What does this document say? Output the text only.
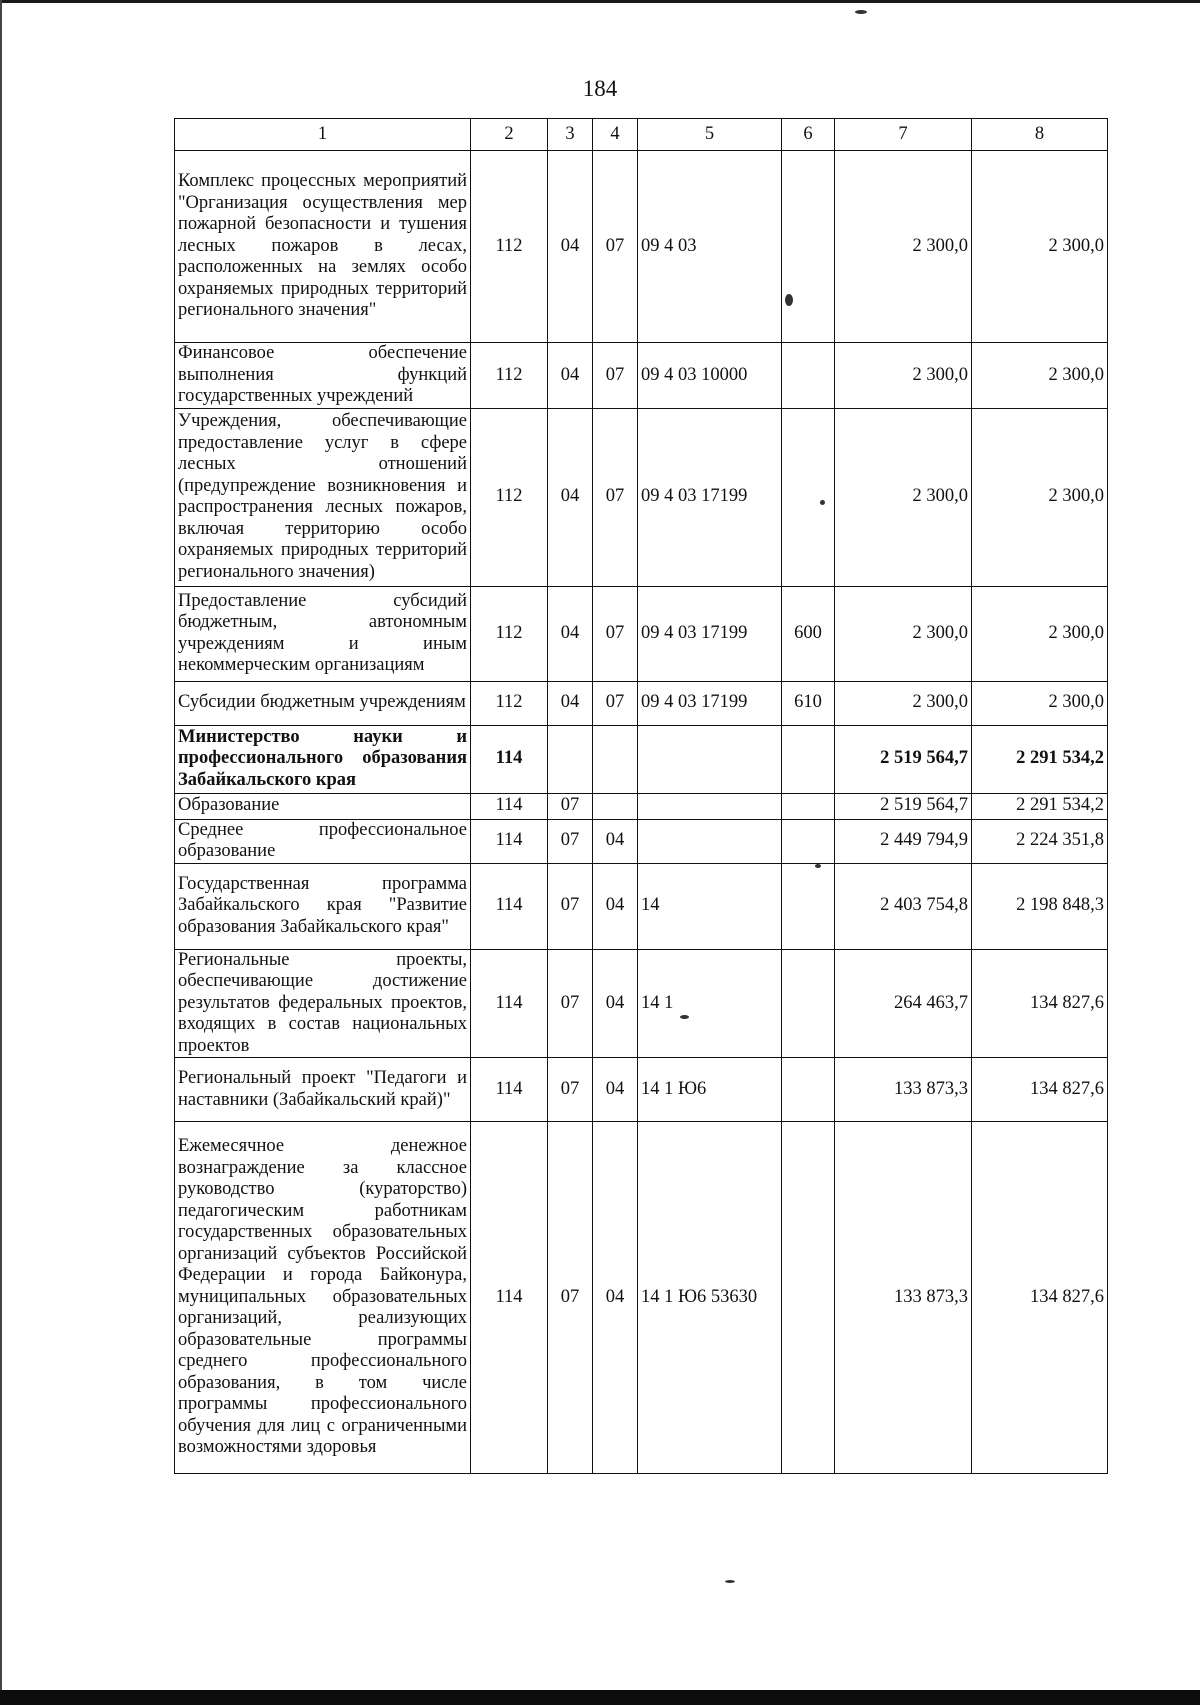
184
1	2	3	4	5	6	7	8
Комплекс процессных мероприятий "Организация осуществления мер пожарной безопасности и тушения лесных пожаров в лесах, расположенных на землях особо охраняемых природных территорий регионального значения"	112	04	07	09 4 03		2 300,0	2 300,0
Финансовое обеспечение выполнения функций государственных учреждений	112	04	07	09 4 03 10000		2 300,0	2 300,0
Учреждения, обеспечивающие предоставление услуг в сфере лесных отношений (предупреждение возникновения и распространения лесных пожаров, включая территорию особо охраняемых природных территорий регионального значения)	112	04	07	09 4 03 17199		2 300,0	2 300,0
Предоставление субсидий бюджетным, автономным учреждениям и иным некоммерческим организациям	112	04	07	09 4 03 17199	600	2 300,0	2 300,0
Субсидии бюджетным учреждениям	112	04	07	09 4 03 17199	610	2 300,0	2 300,0
Министерство науки и профессионального образования Забайкальского края	114					2 519 564,7	2 291 534,2
Образование	114	07				2 519 564,7	2 291 534,2
Среднее профессиональное образование	114	07	04			2 449 794,9	2 224 351,8
Государственная программа Забайкальского края "Развитие образования Забайкальского края"	114	07	04	14		2 403 754,8	2 198 848,3
Региональные проекты, обеспечивающие достижение результатов федеральных проектов, входящих в состав национальных проектов	114	07	04	14 1		264 463,7	134 827,6
Региональный проект "Педагоги и наставники (Забайкальский край)"	114	07	04	14 1 Ю6		133 873,3	134 827,6
Ежемесячное денежное вознаграждение за классное руководство (кураторство) педагогическим работникам государственных образовательных организаций субъектов Российской Федерации и города Байконура, муниципальных образовательных организаций, реализующих образовательные программы среднего профессионального образования, в том числе программы профессионального обучения для лиц с ограниченными возможностями здоровья	114	07	04	14 1 Ю6 53630		133 873,3	134 827,6
